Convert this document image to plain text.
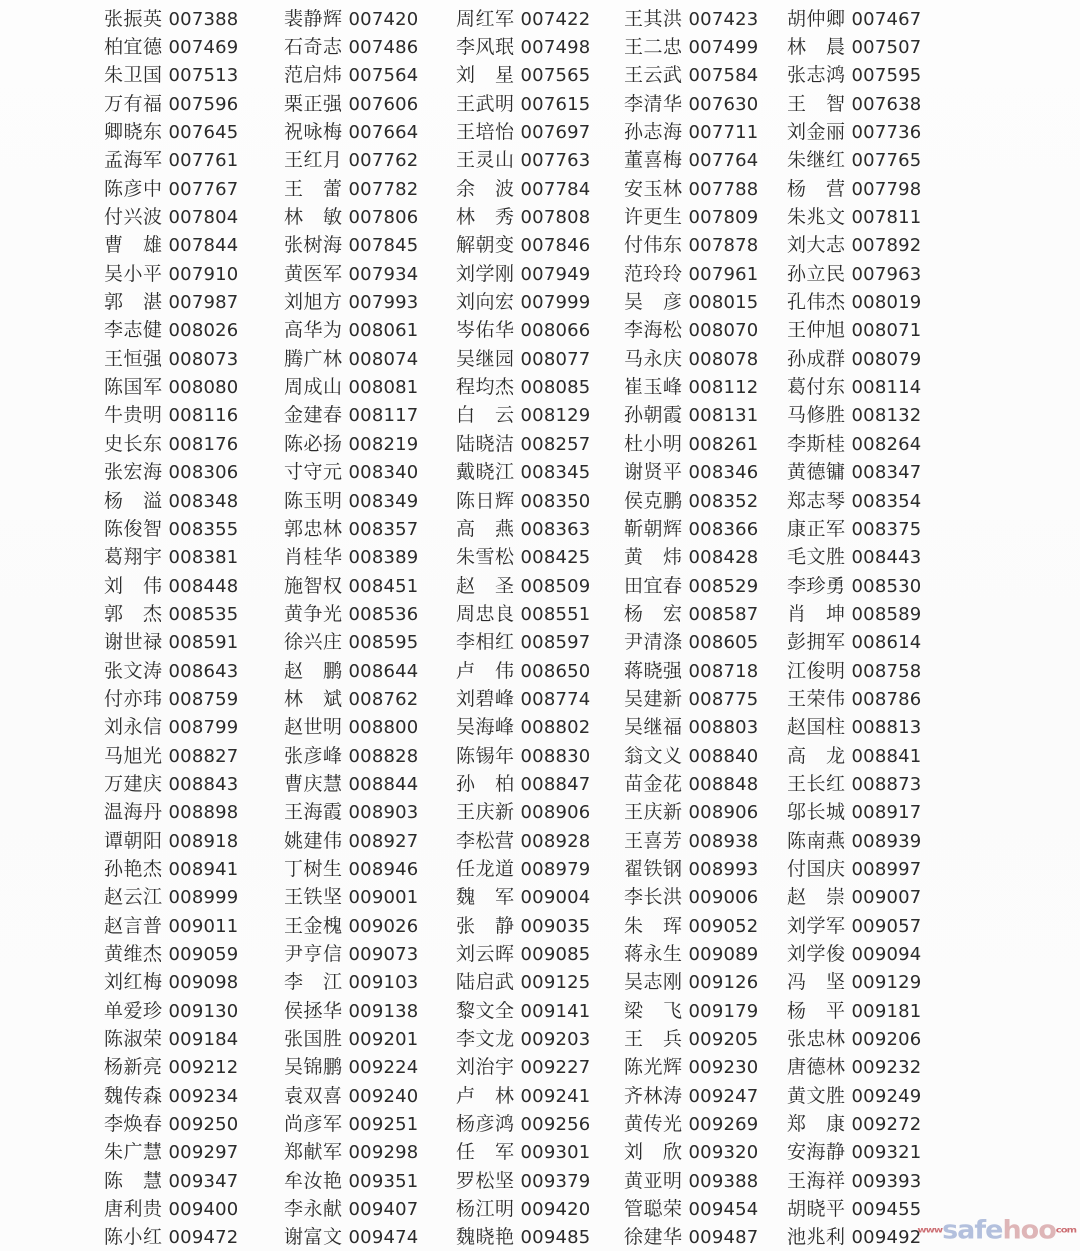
张振英 007388 裴静辉 007420 周红军 007422 王其洪 007423 胡仲卿 007467
柏宜德 007469 石奇志 007486 李风珉 007498 王二忠 007499 林　晨 007507
朱卫国 007513 范启炜 007564 刘　星 007565 王云武 007584 张志鸿 007595
万有福 007596 栗正强 007606 王武明 007615 李清华 007630 王　智 007638
卿晓东 007645 祝咏梅 007664 王培怡 007697 孙志海 007711 刘金丽 007736
孟海军 007761 王红月 007762 王灵山 007763 董喜梅 007764 朱继红 007765
陈彦中 007767 王　蕾 007782 余　波 007784 安玉林 007788 杨　营 007798
付兴波 007804 林　敏 007806 林　秀 007808 许更生 007809 朱兆文 007811
曹　雄 007844 张树海 007845 解朝变 007846 付伟东 007878 刘大志 007892
吴小平 007910 黄医军 007934 刘学刚 007949 范玲玲 007961 孙立民 007963
郭　湛 007987 刘旭方 007993 刘向宏 007999 吴　彦 008015 孔伟杰 008019
李志健 008026 高华为 008061 岑佑华 008066 李海松 008070 王仲旭 008071
王恒强 008073 腾广林 008074 吴继园 008077 马永庆 008078 孙成群 008079
陈国军 008080 周成山 008081 程均杰 008085 崔玉峰 008112 葛付东 008114
牛贵明 008116 金建春 008117 白　云 008129 孙朝霞 008131 马修胜 008132
史长东 008176 陈必扬 008219 陆晓洁 008257 杜小明 008261 李斯桂 008264
张宏海 008306 寸守元 008340 戴晓江 008345 谢贤平 008346 黄德镛 008347
杨　溢 008348 陈玉明 008349 陈日辉 008350 侯克鹏 008352 郑志琴 008354
陈俊智 008355 郭忠林 008357 高　燕 008363 靳朝辉 008366 康正军 008375
葛翔宇 008381 肖桂华 008389 朱雪松 008425 黄　炜 008428 毛文胜 008443
刘　伟 008448 施智权 008451 赵　圣 008509 田宜春 008529 李珍勇 008530
郭　杰 008535 黄争光 008536 周忠良 008551 杨　宏 008587 肖　坤 008589
谢世禄 008591 徐兴庄 008595 李相红 008597 尹清涤 008605 彭拥军 008614
张文涛 008643 赵　鹏 008644 卢　伟 008650 蒋晓强 008718 江俊明 008758
付亦玮 008759 林　斌 008762 刘碧峰 008774 吴建新 008775 王荣伟 008786
刘永信 008799 赵世明 008800 吴海峰 008802 吴继福 008803 赵国柱 008813
马旭光 008827 张彦峰 008828 陈锡年 008830 翁文义 008840 高　龙 008841
万建庆 008843 曹庆慧 008844 孙　柏 008847 苗金花 008848 王长红 008873
温海丹 008898 王海霞 008903 王庆新 008906 王庆新 008906 邬长城 008917
谭朝阳 008918 姚建伟 008927 李松营 008928 王喜芳 008938 陈南燕 008939
孙艳杰 008941 丁树生 008946 任龙道 008979 翟铁钢 008993 付国庆 008997
赵云江 008999 王铁坚 009001 魏　军 009004 李长洪 009006 赵　崇 009007
赵言普 009011 王金槐 009026 张　静 009035 朱　珲 009052 刘学军 009057
黄维杰 009059 尹亨信 009073 刘云晖 009085 蒋永生 009089 刘学俊 009094
刘红梅 009098 李　江 009103 陆启武 009125 吴志刚 009126 冯　坚 009129
单爱珍 009130 侯拯华 009138 黎文全 009141 梁　飞 009179 杨　平 009181
陈淑荣 009184 张国胜 009201 李文龙 009203 王　兵 009205 张忠林 009206
杨新亮 009212 吴锦鹏 009224 刘治宇 009227 陈光辉 009230 唐德林 009232
魏传森 009234 袁双喜 009240 卢　林 009241 齐林涛 009247 黄文胜 009249
李焕春 009250 尚彦军 009251 杨彦鸿 009256 黄传光 009269 郑　康 009272
朱广慧 009297 郑献军 009298 任　军 009301 刘　欣 009320 安海静 009321
陈　慧 009347 牟汝艳 009351 罗松坚 009379 黄亚明 009388 王海祥 009393
唐利贵 009400 李永献 009407 杨江明 009420 管聪荣 009454 胡晓平 009455
陈小红 009472 谢富文 009474 魏晓艳 009485 徐建华 009487 池兆利 009492
www safe hoo com
